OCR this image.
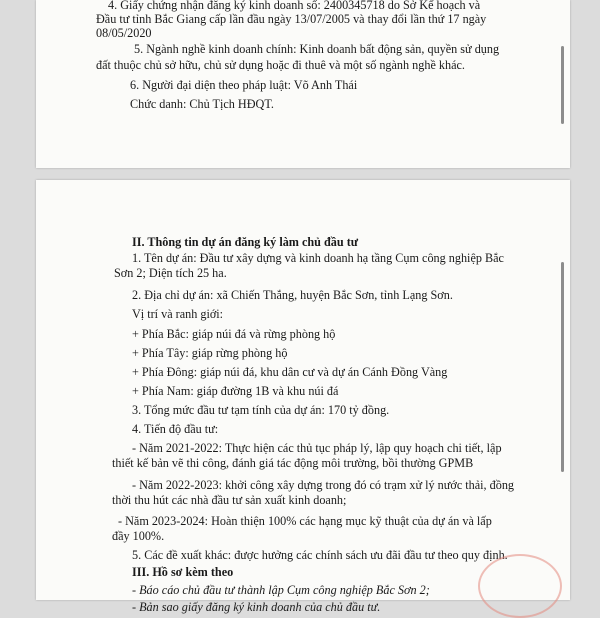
4. Giấy chứng nhận đăng ký kinh doanh số: 2400345718 do Sở Kế hoạch và
Đầu tư tỉnh Bắc Giang cấp lần đầu ngày 13/07/2005 và thay đổi lần thứ 17 ngày
08/05/2020
5. Ngành nghề kinh doanh chính: Kinh doanh bất động sản, quyền sử dụng
đất thuộc chủ sở hữu, chủ sử dụng hoặc đi thuê và một số ngành nghề khác.
6. Người đại diện theo pháp luật: Võ Anh Thái
Chức danh: Chủ Tịch HĐQT.
II. Thông tin dự án đăng ký làm chủ đầu tư
1. Tên dự án: Đầu tư xây dựng và kinh doanh hạ tầng Cụm công nghiệp Bắc
Sơn 2; Diện tích 25 ha.
2. Địa chỉ dự án: xã Chiến Thắng, huyện Bắc Sơn, tỉnh Lạng Sơn.
Vị trí và ranh giới:
+ Phía Bắc: giáp núi đá và rừng phòng hộ
+ Phía Tây: giáp rừng phòng hộ
+ Phía Đông: giáp núi đá, khu dân cư và dự án Cánh Đồng Vàng
+ Phía Nam: giáp đường 1B và khu núi đá
3. Tổng mức đầu tư tạm tính của dự án: 170 tỷ đồng.
4. Tiến độ đầu tư:
- Năm 2021-2022: Thực hiện các thủ tục pháp lý, lập quy hoạch chi tiết, lập
thiết kế bản vẽ thi công, đánh giá tác động môi trường, bồi thường GPMB
- Năm 2022-2023: khởi công xây dựng trong đó có trạm xử lý nước thải, đồng
thời thu hút các nhà đầu tư sản xuất kinh doanh;
- Năm 2023-2024: Hoàn thiện 100% các hạng mục kỹ thuật của dự án và lấp
đầy 100%.
5. Các đề xuất khác: được hưởng các chính sách ưu đãi đầu tư theo quy định.
III. Hồ sơ kèm theo
- Báo cáo chủ đầu tư thành lập Cụm công nghiệp Bắc Sơn 2;
- Bản sao giấy đăng ký kinh doanh của chủ đầu tư.
